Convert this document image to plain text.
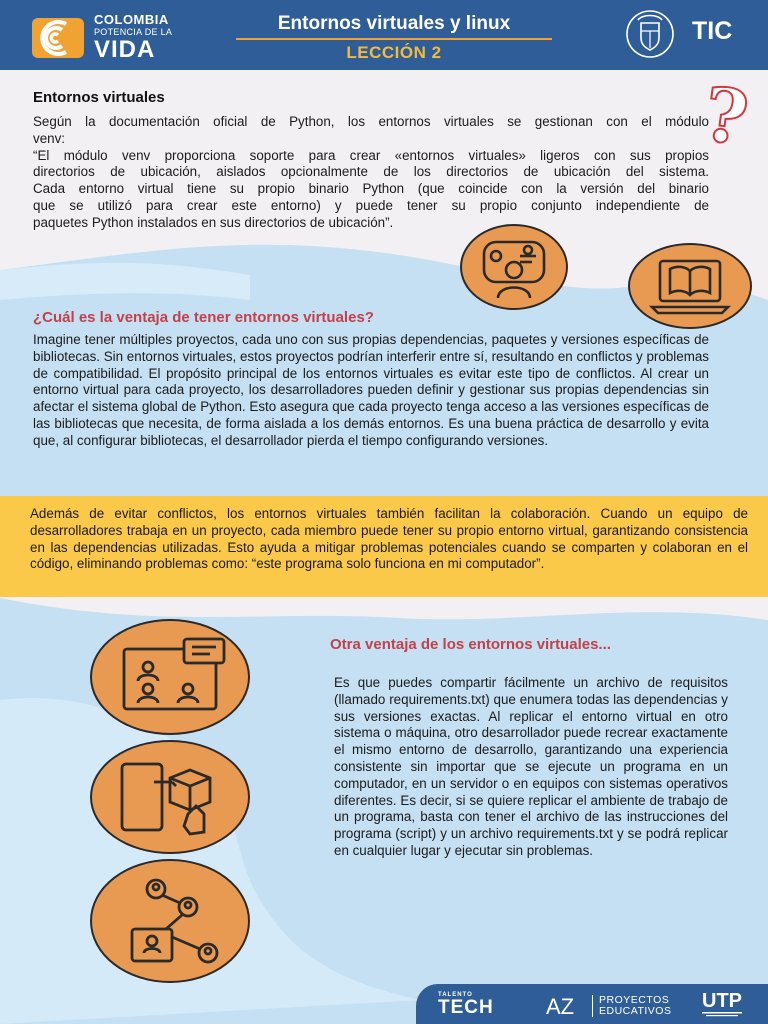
COLOMBIA
POTENCIA DE LA
VIDA
Entornos virtuales y linux
LECCIÓN 2
TIC
?
Entornos virtuales
Según la documentación oficial de Python, los entornos virtuales se gestionan con el módulo
venv:
“El módulo venv proporciona soporte para crear «entornos virtuales» ligeros con sus propios
directorios de ubicación, aislados opcionalmente de los directorios de ubicación del sistema.
Cada entorno virtual tiene su propio binario Python (que coincide con la versión del binario
que se utilizó para crear este entorno) y puede tener su propio conjunto independiente de
paquetes Python instalados en sus directorios de ubicación”.
¿Cuál es la ventaja de tener entornos virtuales?
Imagine tener múltiples proyectos, cada uno con sus propias dependencias, paquetes y versiones específicas de bibliotecas. Sin entornos virtuales, estos proyectos podrían interferir entre sí, resultando en conflictos y problemas de compatibilidad. El propósito principal de los entornos virtuales es evitar este tipo de conflictos. Al crear un entorno virtual para cada proyecto, los desarrolladores pueden definir y gestionar sus propias dependencias sin afectar el sistema global de Python. Esto asegura que cada proyecto tenga acceso a las versiones específicas de las bibliotecas que necesita, de forma aislada a los demás entornos. Es una buena práctica de desarrollo y evita que, al configurar bibliotecas, el desarrollador pierda el tiempo configurando versiones.
Además de evitar conflictos, los entornos virtuales también facilitan la colaboración. Cuando un equipo de desarrolladores trabaja en un proyecto, cada miembro puede tener su propio entorno virtual, garantizando consistencia en las dependencias utilizadas. Esto ayuda a mitigar problemas potenciales cuando se comparten y colaboran en el código, eliminando problemas como: “este programa solo funciona en mi computador”.
Otra ventaja de los entornos virtuales...
Es que puedes compartir fácilmente un archivo de requisitos (llamado requirements.txt) que enumera todas las dependencias y sus versiones exactas. Al replicar el entorno virtual en otro sistema o máquina, otro desarrollador puede recrear exactamente el mismo entorno de desarrollo, garantizando una experiencia consistente sin importar que se ejecute un programa en un computador, en un servidor o en equipos con sistemas operativos diferentes. Es decir, si se quiere replicar el ambiente de trabajo de un programa, basta con tener el archivo de las instrucciones del programa (script) y un archivo requirements.txt y se podrá replicar en cualquier lugar y ejecutar sin problemas.
TALENTO
TECH AZ PROYECTOS
EDUCATIVOS UTP
